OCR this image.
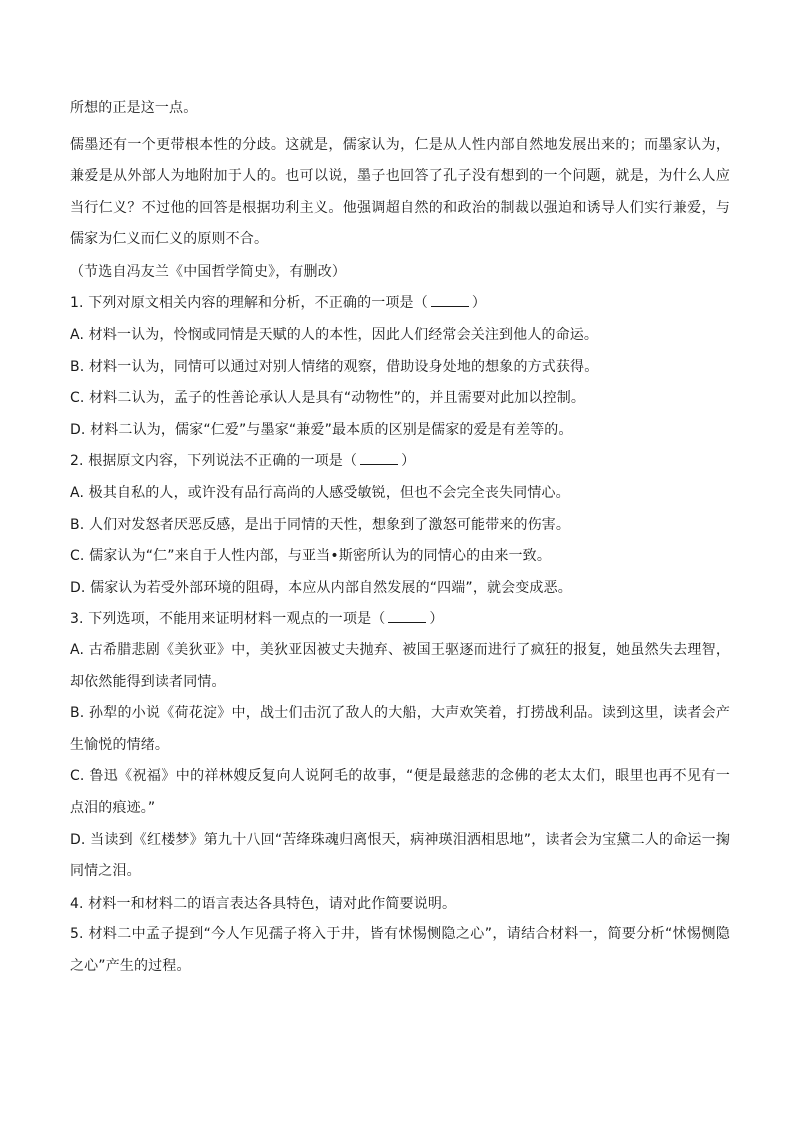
所想的正是这一点。

儒墨还有一个更带根本性的分歧。这就是，儒家认为，仁是从人性内部自然地发展出来的；而墨家认为，兼爱是从外部人为地附加于人的。也可以说，墨子也回答了孔子没有想到的一个问题，就是，为什么人应当行仁义？不过他的回答是根据功利主义。他强调超自然的和政治的制裁以强迫和诱导人们实行兼爱，与儒家为仁义而仁义的原则不合。

（节选自冯友兰《中国哲学简史》，有删改）

1. 下列对原文相关内容的理解和分析，不正确的一项是（	）

A. 材料一认为，怜悯或同情是天赋的人的本性，因此人们经常会关注到他人的命运。

B. 材料一认为，同情可以通过对别人情绪的观察，借助设身处地的想象的方式获得。

C. 材料二认为，孟子的性善论承认人是具有“动物性”的，并且需要对此加以控制。

D. 材料二认为，儒家“仁爱”与墨家“兼爱”最本质的区别是儒家的爱是有差等的。

2. 根据原文内容，下列说法不正确的一项是（	）

A. 极其自私的人，或许没有品行高尚的人感受敏锐，但也不会完全丧失同情心。

B. 人们对发怒者厌恶反感，是出于同情的天性，想象到了激怒可能带来的伤害。

C. 儒家认为“仁”来自于人性内部，与亚当•斯密所认为的同情心的由来一致。

D. 儒家认为若受外部环境的阻碍，本应从内部自然发展的“四端”，就会变成恶。

3. 下列选项，不能用来证明材料一观点的一项是（	）

A. 古希腊悲剧《美狄亚》中，美狄亚因被丈夫抛弃、被国王驱逐而进行了疯狂的报复，她虽然失去理智，却依然能得到读者同情。

B. 孙犁的小说《荷花淀》中，战士们击沉了敌人的大船，大声欢笑着，打捞战利品。读到这里，读者会产生愉悦的情绪。

C. 鲁迅《祝福》中的祥林嫂反复向人说阿毛的故事，“便是最慈悲的念佛的老太太们，眼里也再不见有一点泪的痕迹。”

D. 当读到《红楼梦》第九十八回“苦绛珠魂归离恨天，病神瑛泪洒相思地”，读者会为宝黛二人的命运一掬同情之泪。

4. 材料一和材料二的语言表达各具特色，请对此作简要说明。

5. 材料二中孟子提到“今人乍见孺子将入于井，皆有怵惕恻隐之心”，请结合材料一，简要分析“怵惕恻隐之心”产生的过程。
